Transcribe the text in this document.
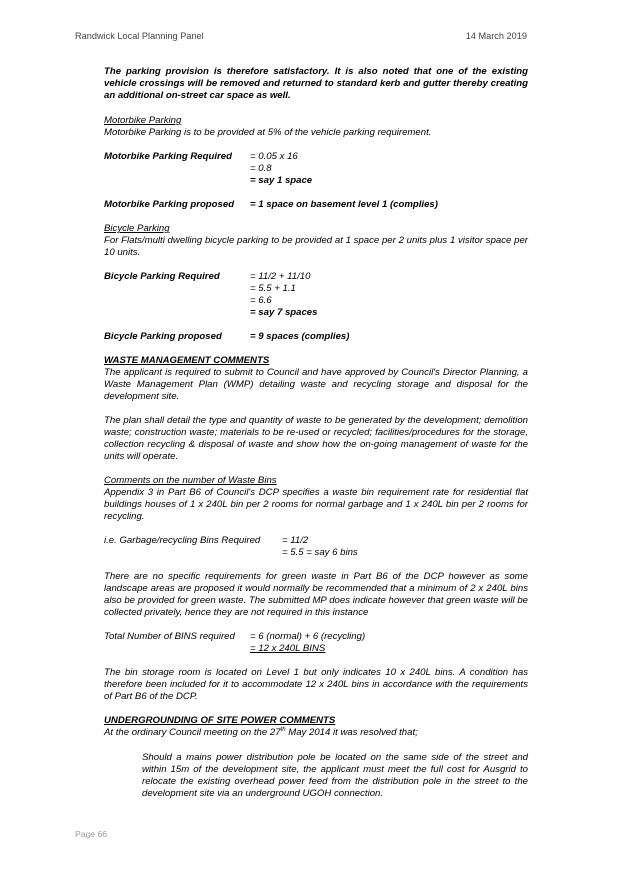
Randwick Local Planning Panel	14 March 2019

The parking provision is therefore satisfactory. It is also noted that one of the existing vehicle crossings will be removed and returned to standard kerb and gutter thereby creating an additional on-street car space as well.

Motorbike Parking

Motorbike Parking is to be provided at 5% of the vehicle parking requirement.

Motorbike Parking Required	= 0.05 x 16
= 0.8
= say 1 space
Motorbike Parking proposed	= 1 space on basement level 1 (complies)

Bicycle Parking

For Flats/multi dwelling bicycle parking to be provided at 1 space per 2 units plus 1 visitor space per 10 units.

Bicycle Parking Required	= 11/2 + 11/10
= 5.5 + 1.1
= 6.6
= say 7 spaces
Bicycle Parking proposed	= 9 spaces (complies)

WASTE MANAGEMENT COMMENTS

The applicant is required to submit to Council and have approved by Council's Director Planning, a Waste Management Plan (WMP) detailing waste and recycling storage and disposal for the development site.

The plan shall detail the type and quantity of waste to be generated by the development; demolition waste; construction waste; materials to be re-used or recycled; facilities/procedures for the storage, collection recycling & disposal of waste and show how the on-going management of waste for the units will operate.

Comments on the number of Waste Bins

Appendix 3 in Part B6 of Council's DCP specifies a waste bin requirement rate for residential flat buildings houses of 1 x 240L bin per 2 rooms for normal garbage and 1 x 240L bin per 2 rooms for recycling.

i.e. Garbage/recycling Bins Required	= 11/2
= 5.5 = say 6 bins

There are no specific requirements for green waste in Part B6 of the DCP however as some landscape areas are proposed it would normally be recommended that a minimum of 2 x 240L bins also be provided for green waste. The submitted MP does indicate however that green waste will be collected privately, hence they are not required in this instance

Total Number of BINS required	= 6 (normal) + 6 (recycling)
= 12 x 240L BINS

The bin storage room is located on Level 1 but only indicates 10 x 240L bins. A condition has therefore been included for it to accommodate 12 x 240L bins in accordance with the requirements of Part B6 of the DCP.

UNDERGROUNDING OF SITE POWER COMMENTS

At the ordinary Council meeting on the 27th May 2014 it was resolved that;

Should a mains power distribution pole be located on the same side of the street and within 15m of the development site, the applicant must meet the full cost for Ausgrid to relocate the existing overhead power feed from the distribution pole in the street to the development site via an underground UGOH connection.

Page 66
